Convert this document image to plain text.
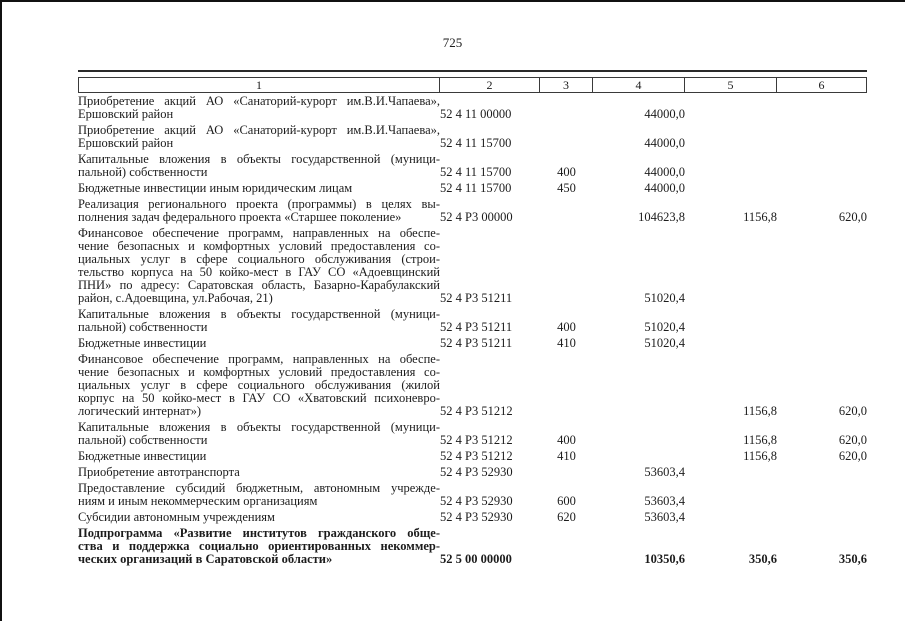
725
1	2	3	4	5	6
Приобретение акций АО «Санаторий-курорт им.В.И.Чапаева»,
Ершовский район	52 4 11 00000		44000,0		

Приобретение акций АО «Санаторий-курорт им.В.И.Чапаева»,
Ершовский район	52 4 11 15700		44000,0		

Капитальные вложения в объекты государственной (муници-
пальной) собственности	52 4 11 15700	400	44000,0		

Бюджетные инвестиции иным юридическим лицам	52 4 11 15700	450	44000,0		

Реализация регионального проекта (программы) в целях вы-
полнения задач федерального проекта «Старшее поколение»	52 4 Р3 00000		104623,8	1156,8	620,0

Финансовое обеспечение программ, направленных на обеспе-
чение безопасных и комфортных условий предоставления со-
циальных услуг в сфере социального обслуживания (строи-
тельство корпуса на 50 койко-мест в ГАУ СО «Адоевщинский
ПНИ» по адресу: Саратовская область, Базарно-Карабулакский
район, с.Адоевщина, ул.Рабочая, 21)	52 4 Р3 51211		51020,4		

Капитальные вложения в объекты государственной (муници-
пальной) собственности	52 4 Р3 51211	400	51020,4		

Бюджетные инвестиции	52 4 Р3 51211	410	51020,4		

Финансовое обеспечение программ, направленных на обеспе-
чение безопасных и комфортных условий предоставления со-
циальных услуг в сфере социального обслуживания (жилой
корпус на 50 койко-мест в ГАУ СО «Хватовский психоневро-
логический интернат»)	52 4 Р3 51212			1156,8	620,0

Капитальные вложения в объекты государственной (муници-
пальной) собственности	52 4 Р3 51212	400		1156,8	620,0

Бюджетные инвестиции	52 4 Р3 51212	410		1156,8	620,0

Приобретение автотранспорта	52 4 Р3 52930		53603,4		

Предоставление субсидий бюджетным, автономным учрежде-
ниям и иным некоммерческим организациям	52 4 Р3 52930	600	53603,4		

Субсидии автономным учреждениям	52 4 Р3 52930	620	53603,4		

Подпрограмма «Развитие институтов гражданского обще-
ства и поддержка социально ориентированных некоммер-
ческих организаций в Саратовской области»	52 5 00 00000		10350,6	350,6	350,6
